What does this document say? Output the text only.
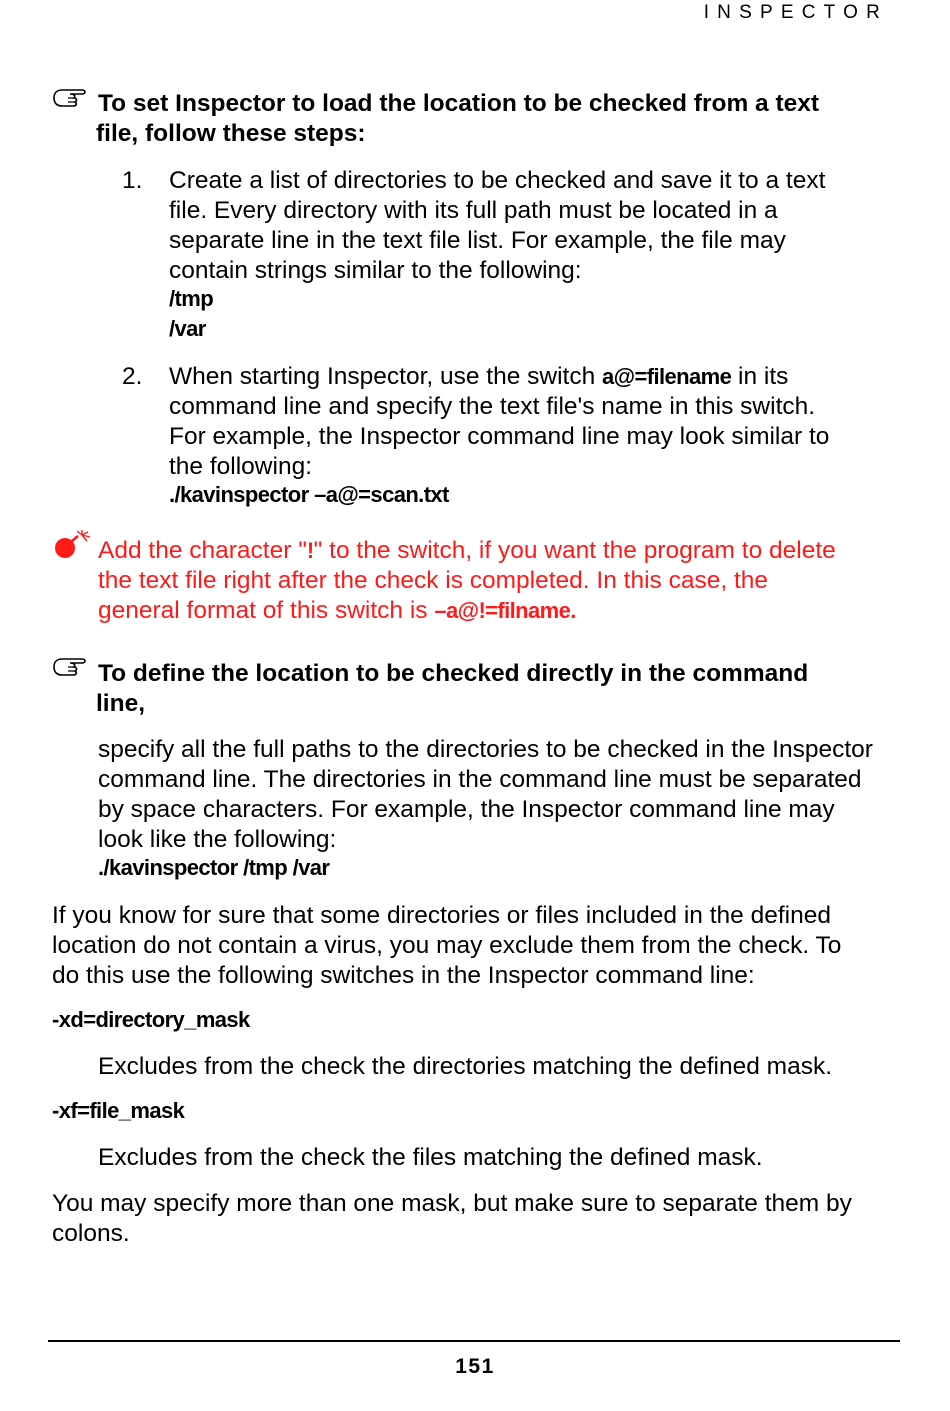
INSPECTOR
To set Inspector to load the location to be checked from a text
file, follow these steps:
1. Create a list of directories to be checked and save it to a text
file. Every directory with its full path must be located in a
separate line in the text file list. For example, the file may
contain strings similar to the following:
/tmp
/var
2. When starting Inspector, use the switch a@=filename in its
command line and specify the text file's name in this switch.
For example, the Inspector command line may look similar to
the following:
./kavinspector –a@=scan.txt
Add the character "!" to the switch, if you want the program to delete
the text file right after the check is completed. In this case, the
general format of this switch is –a@!=filname.
To define the location to be checked directly in the command
line,
specify all the full paths to the directories to be checked in the Inspector
command line. The directories in the command line must be separated
by space characters. For example, the Inspector command line may
look like the following:
./kavinspector /tmp /var
If you know for sure that some directories or files included in the defined
location do not contain a virus, you may exclude them from the check. To
do this use the following switches in the Inspector command line:
-xd=directory_mask
Excludes from the check the directories matching the defined mask.
-xf=file_mask
Excludes from the check the files matching the defined mask.
You may specify more than one mask, but make sure to separate them by
colons.
151
